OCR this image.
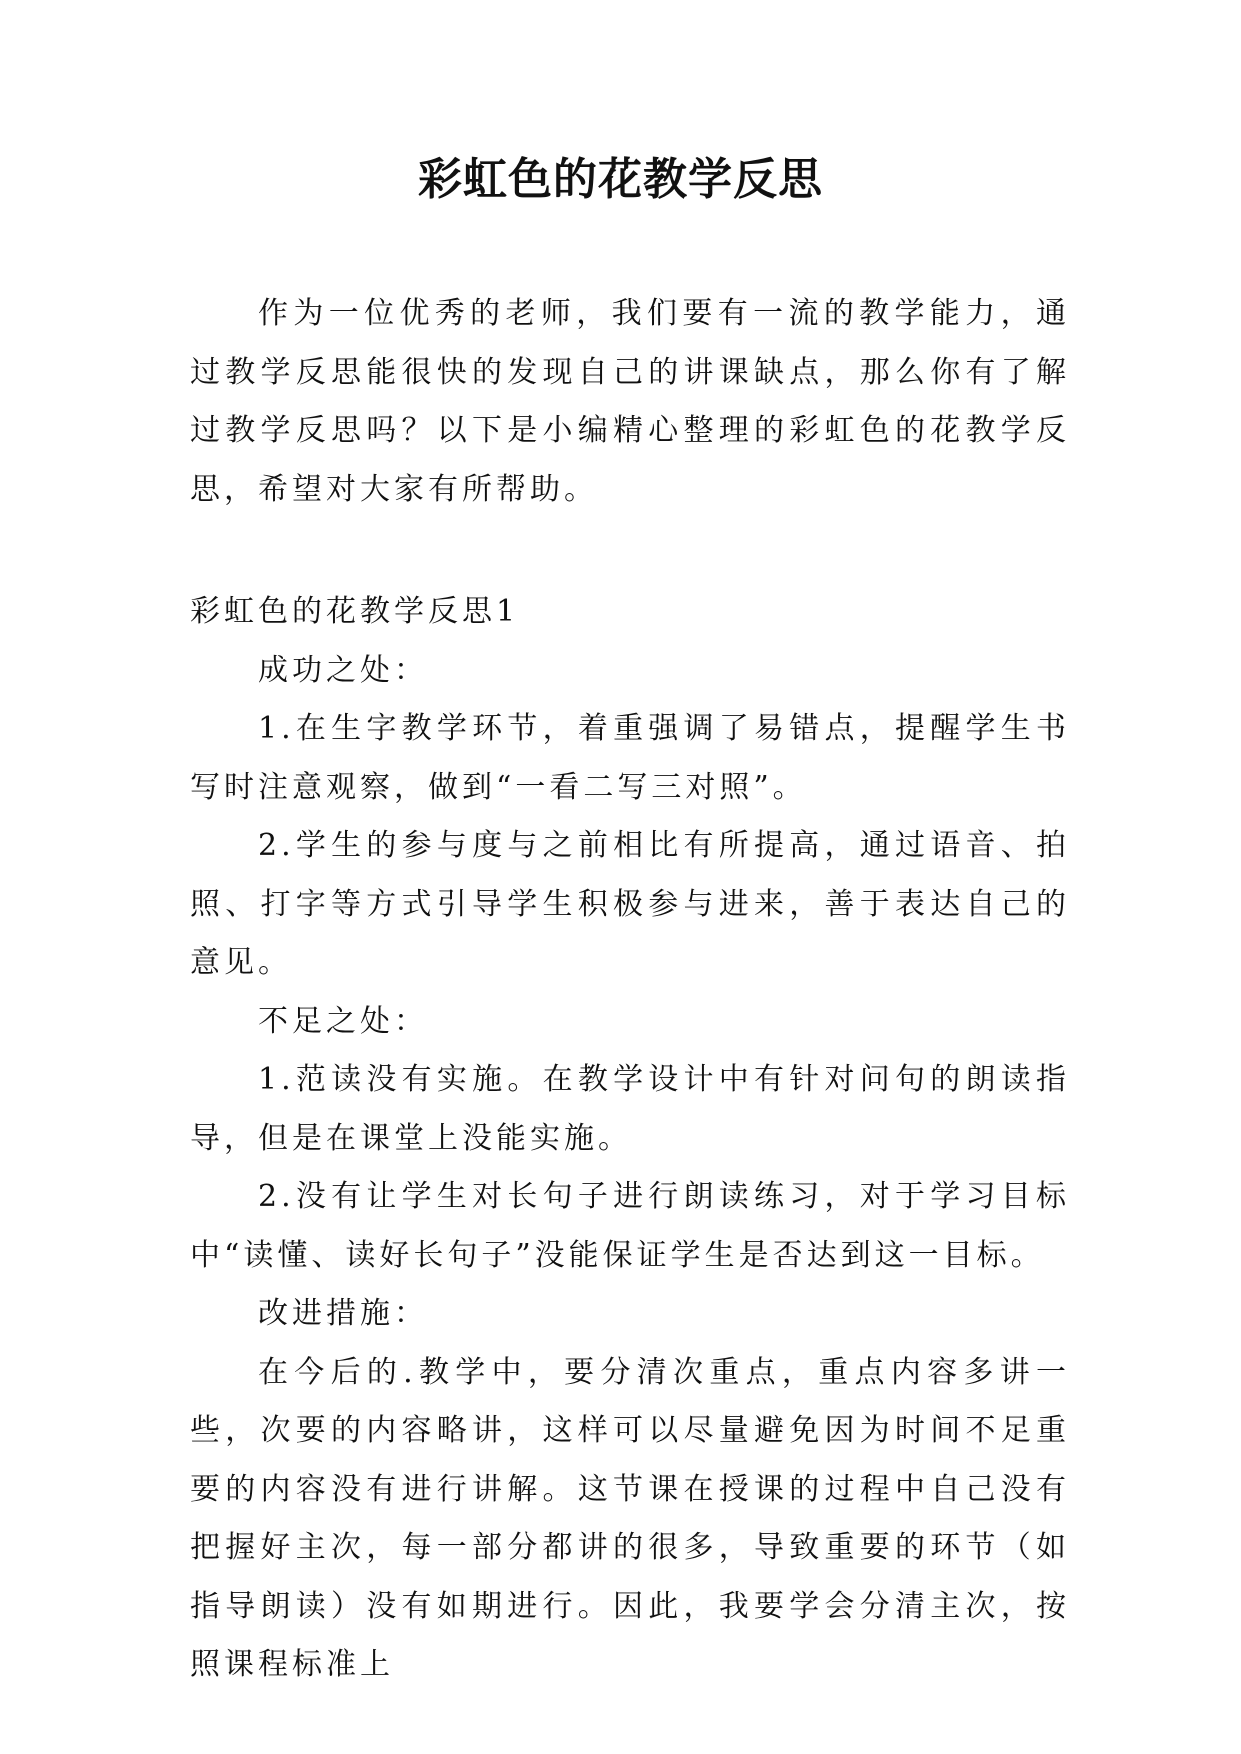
彩虹色的花教学反思

作为一位优秀的老师，我们要有一流的教学能力，通过教学反思能很快的发现自己的讲课缺点，那么你有了解过教学反思吗？以下是小编精心整理的彩虹色的花教学反思，希望对大家有所帮助。

彩虹色的花教学反思1

成功之处：

1.在生字教学环节，着重强调了易错点，提醒学生书写时注意观察，做到“一看二写三对照”。

2.学生的参与度与之前相比有所提高，通过语音、拍照、打字等方式引导学生积极参与进来，善于表达自己的意见。

不足之处：

1.范读没有实施。在教学设计中有针对问句的朗读指导，但是在课堂上没能实施。

2.没有让学生对长句子进行朗读练习，对于学习目标中“读懂、读好长句子”没能保证学生是否达到这一目标。

改进措施：

在今后的.教学中，要分清次重点，重点内容多讲一些，次要的内容略讲，这样可以尽量避免因为时间不足重要的内容没有进行讲解。这节课在授课的过程中自己没有把握好主次，每一部分都讲的很多，导致重要的环节（如指导朗读）没有如期进行。因此，我要学会分清主次，按照课程标准上
